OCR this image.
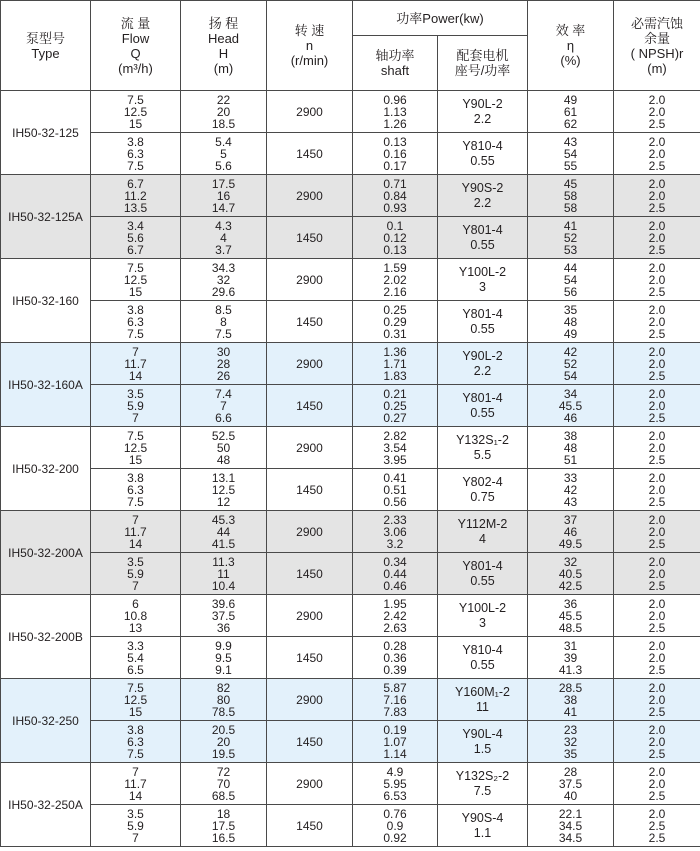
泵型号
Type	流 量
Flow
Q
(m³/h)	扬 程
Head
H
(m)	转 速
n
(r/min)	功率Power(kw)		效 率
η
(%)	必需汽蚀
余量
( NPSH)r
(m)

				轴功率
shaft	配套电机
座号/功率		

IH50-32-125	7.5
12.5
15	22
20
18.5	2900	0.96
1.13
1.26	Y90L-2
2.2	49
61
62	2.0
2.0
2.5

	3.8
6.3
7.5	5.4
5
5.6	1450	0.13
0.16
0.17	Y810-4
0.55	43
54
55	2.0
2.0
2.5

IH50-32-125A	6.7
11.2
13.5	17.5
16
14.7	2900	0.71
0.84
0.93	Y90S-2
2.2	45
58
58	2.0
2.0
2.5

	3.4
5.6
6.7	4.3
4
3.7	1450	0.1
0.12
0.13	Y801-4
0.55	41
52
53	2.0
2.0
2.5

IH50-32-160	7.5
12.5
15	34.3
32
29.6	2900	1.59
2.02
2.16	Y100L-2
3	44
54
56	2.0
2.0
2.5

	3.8
6.3
7.5	8.5
8
7.5	1450	0.25
0.29
0.31	Y801-4
0.55	35
48
49	2.0
2.0
2.5

IH50-32-160A	7
11.7
14	30
28
26	2900	1.36
1.71
1.83	Y90L-2
2.2	42
52
54	2.0
2.0
2.5

	3.5
5.9
7	7.4
7
6.6	1450	0.21
0.25
0.27	Y801-4
0.55	34
45.5
46	2.0
2.0
2.5

IH50-32-200	7.5
12.5
15	52.5
50
48	2900	2.82
3.54
3.95	Y132S₁-2
5.5	38
48
51	2.0
2.0
2.5

	3.8
6.3
7.5	13.1
12.5
12	1450	0.41
0.51
0.56	Y802-4
0.75	33
42
43	2.0
2.0
2.5

IH50-32-200A	7
11.7
14	45.3
44
41.5	2900	2.33
3.06
3.2	Y112M-2
4	37
46
49.5	2.0
2.0
2.5

	3.5
5.9
7	11.3
11
10.4	1450	0.34
0.44
0.46	Y801-4
0.55	32
40.5
42.5	2.0
2.0
2.5

IH50-32-200B	6
10.8
13	39.6
37.5
36	2900	1.95
2.42
2.63	Y100L-2
3	36
45.5
48.5	2.0
2.0
2.5

	3.3
5.4
6.5	9.9
9.5
9.1	1450	0.28
0.36
0.39	Y810-4
0.55	31
39
41.3	2.0
2.0
2.5

IH50-32-250	7.5
12.5
15	82
80
78.5	2900	5.87
7.16
7.83	Y160M₁-2
11	28.5
38
41	2.0
2.0
2.5

	3.8
6.3
7.5	20.5
20
19.5	1450	0.19
1.07
1.14	Y90L-4
1.5	23
32
35	2.0
2.0
2.5

IH50-32-250A	7
11.7
14	72
70
68.5	2900	4.9
5.95
6.53	Y132S₂-2
7.5	28
37.5
40	2.0
2.0
2.5

	3.5
5.9
7	18
17.5
16.5	1450	0.76
0.9
0.92	Y90S-4
1.1	22.1
34.5
34.5	2.0
2.5
2.5
